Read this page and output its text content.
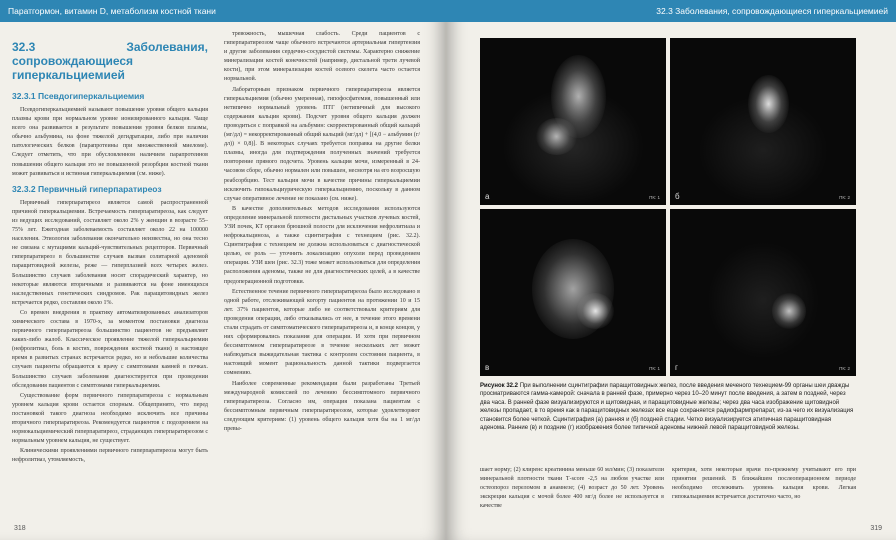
Паратгормон, витамин D, метаболизм костной ткани
32.3 Заболевания, сопровождающиеся гиперкальциемией
32.3.1 Псевдогиперкальциемия

Псевдогиперкальциемией называют повышение уровня общего кальция плазмы крови при нормальном уровне ионизированного кальция. Чаще всего она развивается в результате повышения уровня белков плазмы, обычно альбумина, на фоне тяжелой дегидратации, либо при наличии патологических белков (парапротеины при множественной миеломе). Следует отметить, что при обусловленном наличием парапротеинов повышении общего кальция это не повышенной резорбции костной ткани может развиваться и истинная гиперкальциемия (см. ниже).

32.3.2 Первичный гиперпаратиреоз

Первичный гиперпаратиреоз является самой распространенной причиной гиперкальциемии. Встречаемость гиперпаратиреоза, как следует из ведущих исследований, составляет около 2% у женщин в возрасте 55–75% лет. Ежегодная заболеваемость составляет около 22 на 100000 населения. Этиология заболевания окончательно неизвестна, но она тесно не связана с мутациями кальций-чувствительных рецепторов. Первичный гиперпаратиреоз в большинстве случаев вызван солитарной аденомой паращитовидной железы, реже — гиперплазией всех четырех желез. Большинство случаев заболевания носят спорадический характер, но некоторые являются вторичными и развиваются на фоне имеющихся наследственных генетических синдромов. Рак паращитовидных желез встречается редко, составляя около 1%.

Со времен внедрения в практику автоматизированных анализаторов химического состава в 1970-х, за моментом постановки диагноза первичного гиперпаратиреоза большинство пациентов не предъявляет каких-либо жалоб. Классическое проявление тяжелой гиперкальциемии (нефролитиаз, боль в костях, повреждения костной ткани) в настоящее время в развитых странах встречается редко, но и небольшие количества случаев пациенты обращаются к врачу с симптомами камней в почках. Большинство случаев заболевания диагностируется при проведении обследования пациентов с симптомами гиперкальциемии.

Существование форм первичного гиперпаратиреоза с нормальным уровнем кальция крови остается спорным. Общепринято, что перед постановкой такого диагноза необходимо исключить все причины вторичного гиперпаратиреоза. Рекомендуется пациентов с подозрением на нормокальциемический гиперпаратиреоз, страдающих гиперпаратиреозом с нормальным уровнем кальция, не существует.

Клиническими проявлениями первичного гиперпаратиреоза могут быть нефролитиаз, утомляемость,

тревожность, мышечная слабость. Среди пациентов с гиперпаратиреозом чаще обычного встречаются артериальная гипертензия и другие заболевания сердечно-сосудистой системы. Характерно снижение минерализации костей конечностей (например, дистальной трети лучевой кости), при этом минерализация костей осевого скелета часто остается нормальной.

Лабораторным признаком первичного гиперпаратиреоза является гиперкальциемия (обычно умеренная), гипофосфатемия, повышенный или нетипично нормальный уровень ПТГ (нетипичный для высокого содержания кальция крови). Подсчет уровня общего кальция должен проводиться с поправкой на альбумин: скорректированный общий кальций (мг/дл) = некорректированный общий кальций (мг/дл) + [(4,0 − альбумин (г/дл)) × 0,8)]. В некоторых случаях требуется поправка на другие белки плазмы, иногда для подтверждения полученных значений требуется повторение прямого подсчета. Уровень кальция мочи, измеренный в 24-часовом сборе, обычно нормален или повышен, несмотря на его возросшую реабсорбцию. Тест кальция мочи в качестве причины гиперкальциемии исключить гипокальциурическую гиперкальциемию, поскольку в данном случае оперативное лечение не показано (см. ниже).

В качестве дополнительных методов исследования используются определение минеральной плотности дистальных участков лучевых костей, УЗИ почек, КТ органов брюшной полости для исключения нефролитиаза и нефрокальциноза, а также сцинтиграфия с технецием (рис. 32.2). Сцинтиграфия с технецием не должна использоваться с диагностической целью, ее роль — уточнить локализацию опухоли перед проведением операции. УЗИ шеи (рис. 32.3) тоже может использоваться для определения расположения аденомы, также не для диагностических целей, а в качестве предоперационной подготовки.

Естественное течение первичного гиперпаратиреоза было исследовано в одной работе, отслеживающей когорту пациентов на протяжении 10 и 15 лет. 37% пациентов, которые либо не соответствовали критериям для проведения операции, либо отказывались от нее, в течение этого времени стали страдать от симптоматического гиперпаратиреоза и, в конце концов, у них сформировались показания для операции. И хотя при первичном бессимптомном гиперпаратиреозе в течение нескольких лет может наблюдаться выжидательная тактика с контролем состояния пациента, в настоящий момент рациональность данной тактики подвергается сомнению.

Наиболее современные рекомендации были разработаны Третьей международной комиссией по лечению бессимптомного первичного гиперпаратиреоза. Согласно им, операция показана пациентам с бессимптомным первичным гиперпаратиреозом, которые удовлетворяют следующим критериям: (1) уровень общего кальция хотя бы на 1 мг/дл превы-

318
32.3 Заболевания, сопровождающиеся гиперкальциемией
а	ПК: 1 б	ПК: 2
в	ПК: 1 г	ПК: 2
Рисунок 32.2 При выполнении сцинтиграфии паращитовидных желез, после введения меченого технецием-99 органы шеи дважды просматриваются гамма-камерой: сначала в ранней фазе, примерно через 10–20 минут после введения, а затем в поздней, через два часа. В ранней фазе визуализируются и щитовидная, и паращитовидные железы; через два часа изображение щитовидной железы пропадает, в то время как в паращитовидных железах все еще сохраняется радиофармпрепарат, из-за чего их визуализация становится более четкой. Сцинтиграфия (а) ранняя и (б) поздней стадии. Четко визуализируется атипичная паращитовидная аденома. Ранние (в) и поздние (г) изображения более типичной аденомы нижней левой паращитовидной железы.

шает норму; (2) клиренс креатинина меньше 60 мл/мин; (3) показатели минеральной плотности ткани Т-score -2,5 на любом участке или остеопороз переломом в анамнезе; (4) возраст до 50 лет. Уровень экскреции кальция с мочой более 400 мг/д более не используется в качестве

критерия, хотя некоторые врачи по-прежнему учитывают его при принятии решений. В ближайшем послеоперационном периоде необходимо отслеживать уровень кальция крови. Легкая гипокальциемия встречается достаточно часто, но

319
